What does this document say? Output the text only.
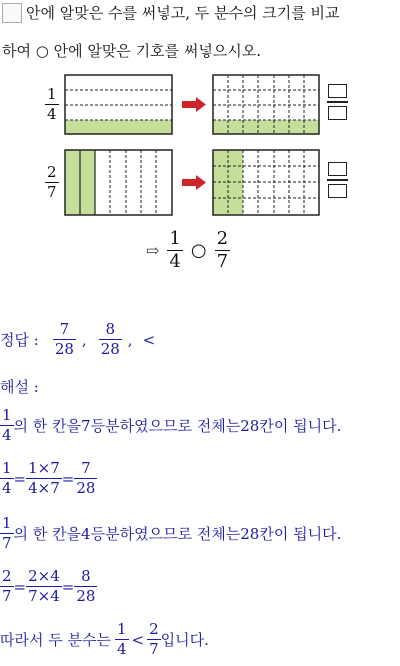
안에 알맞은 수를 써넣고, 두 분수의 크기를 비교
하여 ○ 안에 알맞은 기호를 써넣으시오.
$\frac{1}{4}$
$\frac{2}{7}$
⇨ $\frac{1}{4}$ ○ $\frac{2}{7}$
정답 : $\frac{7}{28}$ , $\frac{8}{28}$ , <
해설 :
$\frac{1}{4}$ 의 한 칸을 7 등분하였으므로 전체는 28 칸이 됩니다.
$\frac{1}{4} = \frac{1\times 7}{4\times 7} = \frac{7}{28}$
$\frac{1}{7}$ 의 한 칸을 4 등분하였으므로 전체는 28 칸이 됩니다.
$\frac{2}{7} = \frac{2\times 4}{7\times 4} = \frac{8}{28}$
따라서 두 분수는 $\frac{1}{4} < \frac{2}{7}$ 입니다.
